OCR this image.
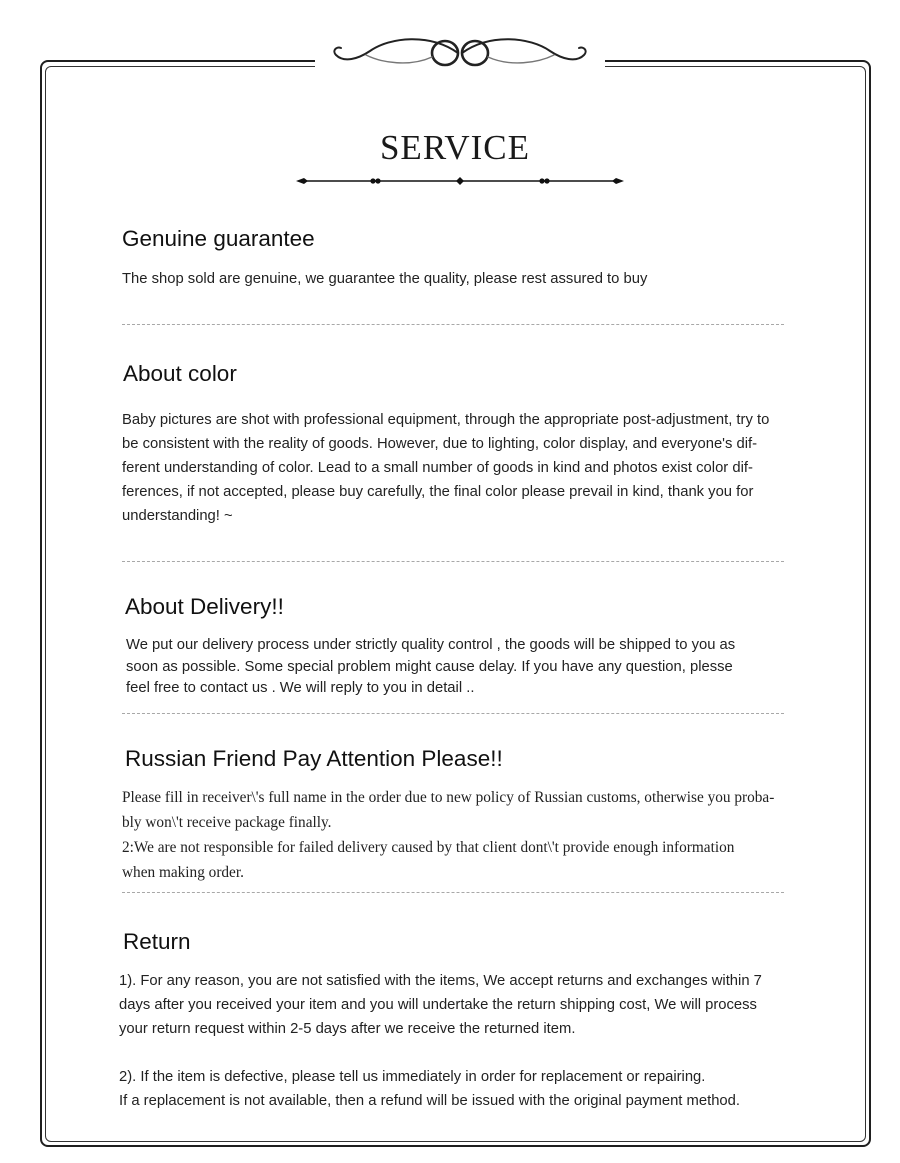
SERVICE
Genuine guarantee
The shop sold are genuine, we guarantee the quality, please rest assured to buy
About color
Baby pictures are shot with professional equipment, through the appropriate post-adjustment, try to
be consistent with the reality of goods. However, due to lighting, color display, and everyone's dif-
ferent understanding of color. Lead to a small number of goods in kind and photos exist color dif-
ferences, if not accepted, please buy carefully, the final color please prevail in kind, thank you for
understanding! ~
About Delivery!!
We put our delivery process under strictly quality control , the goods will be shipped to you as
soon as possible. Some special problem might cause delay. If you have any question, plesse
feel free to contact us . We will reply to you in detail ..
Russian Friend Pay Attention Please!!
Please fill in receiver\'s full name in the order due to new policy of Russian customs, otherwise you proba-
bly won\'t receive package finally.
2:We are not responsible for failed delivery caused by that client dont\'t provide enough information
when making order.
Return
1). For any reason, you are not satisfied with the items, We accept returns and exchanges within 7
days after you received your item and you will undertake the return shipping cost, We will process
your return request within 2-5 days after we receive the returned item.
2). If the item is defective, please tell us immediately in order for replacement or repairing.
If a replacement is not available, then a refund will be issued with the original payment method.
